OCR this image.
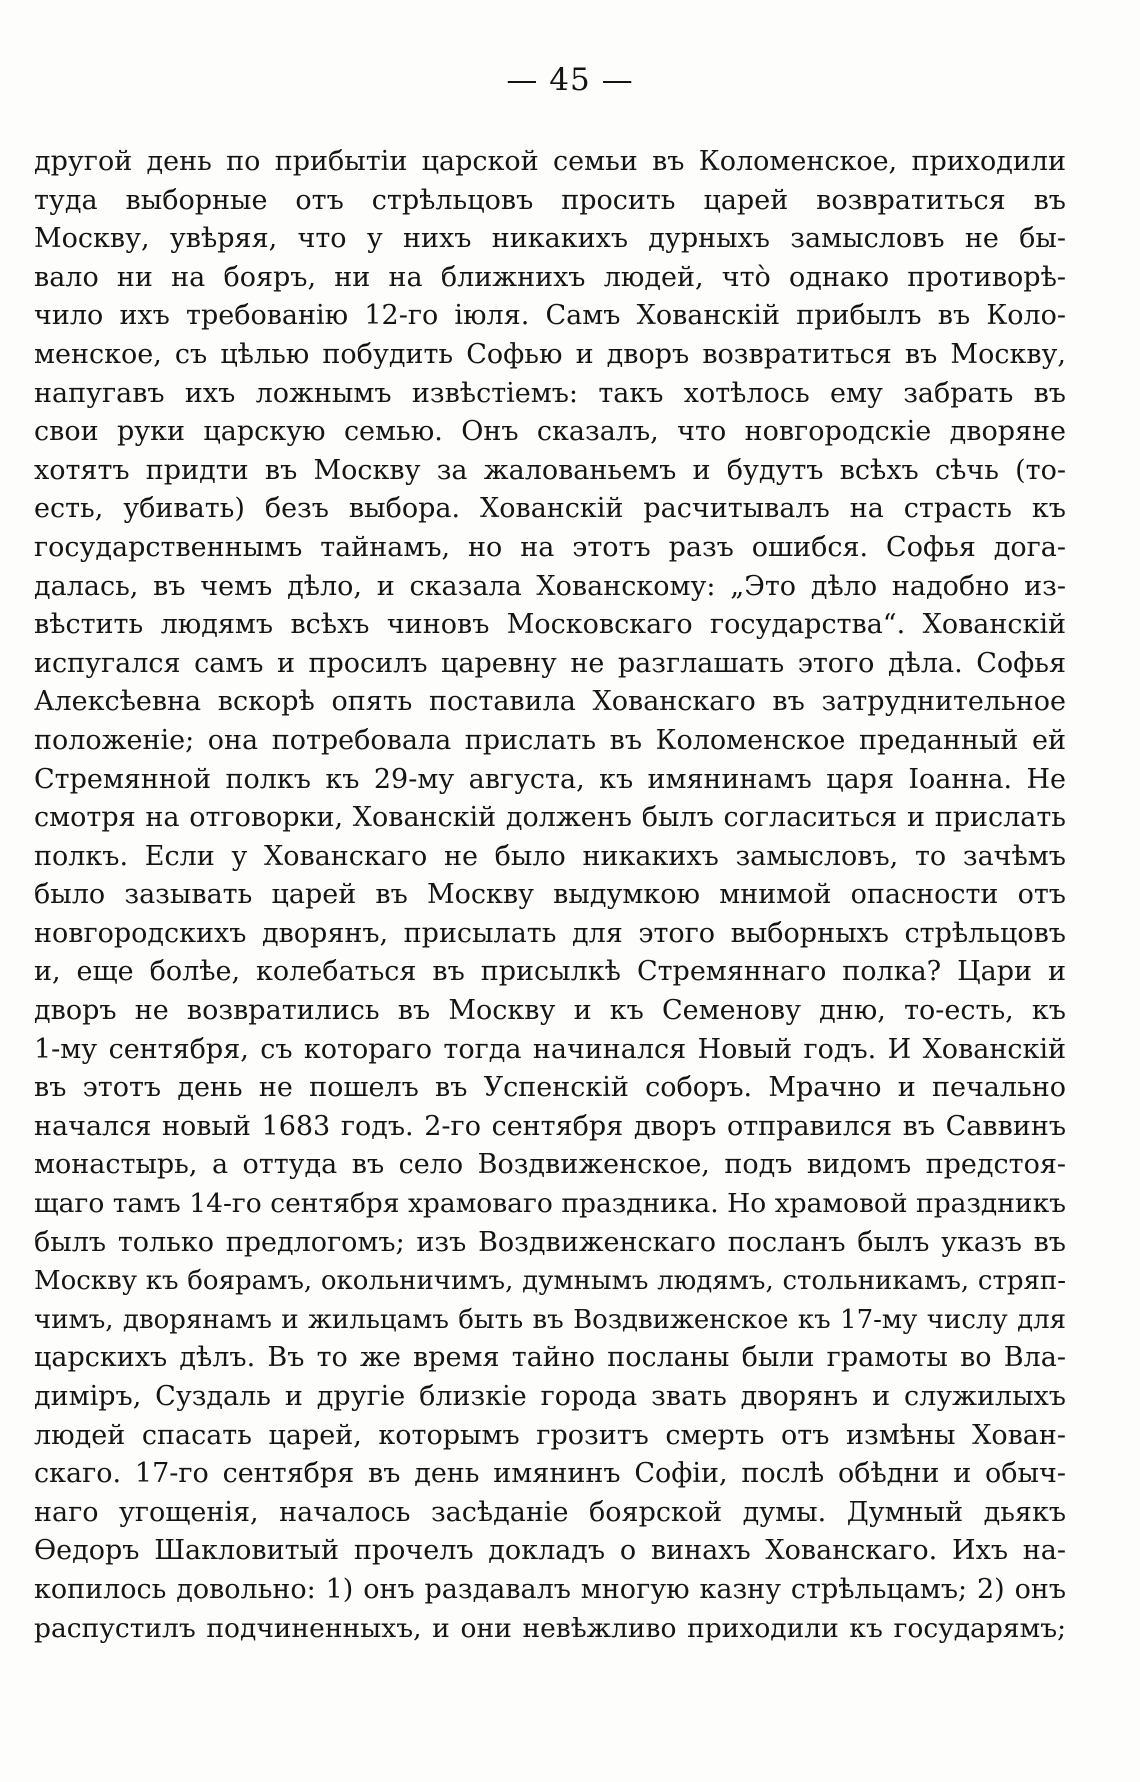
— 45 —
другой день по прибытіи царской семьи въ Коломенское, приходили
туда выборные отъ стрѣльцовъ просить царей возвратиться въ
Москву, увѣряя, что у нихъ никакихъ дурныхъ замысловъ не бы-
вало ни на бояръ, ни на ближнихъ людей, что̀ однако противорѣ-
чило ихъ требованію 12-го іюля. Самъ Хованскій прибылъ въ Коло-
менское, съ цѣлью побудить Софью и дворъ возвратиться въ Москву,
напугавъ ихъ ложнымъ извѣстіемъ: такъ хотѣлось ему забрать въ
свои руки царскую семью. Онъ сказалъ, что новгородскіе дворяне
хотятъ придти въ Москву за жалованьемъ и будутъ всѣхъ сѣчь (то-
есть, убивать) безъ выбора. Хованскій расчитывалъ на страсть къ
государственнымъ тайнамъ, но на этотъ разъ ошибся. Софья дога-
далась, въ чемъ дѣло, и сказала Хованскому: „Это дѣло надобно из-
вѣстить людямъ всѣхъ чиновъ Московскаго государства“. Хованскій
испугался самъ и просилъ царевну не разглашать этого дѣла. Софья
Алексѣевна вскорѣ опять поставила Хованскаго въ затруднительное
положеніе; она потребовала прислать въ Коломенское преданный ей
Стремянной полкъ къ 29-му августа, къ имянинамъ царя Іоанна. Не
смотря на отговорки, Хованскій долженъ былъ согласиться и прислать
полкъ. Если у Хованскаго не было никакихъ замысловъ, то зачѣмъ
было зазывать царей въ Москву выдумкою мнимой опасности отъ
новгородскихъ дворянъ, присылать для этого выборныхъ стрѣльцовъ
и, еще болѣе, колебаться въ присылкѣ Стремяннаго полка? Цари и
дворъ не возвратились въ Москву и къ Семенову дню, то-есть, къ
1-му сентября, съ котораго тогда начинался Новый годъ. И Хованскій
въ этотъ день не пошелъ въ Успенскій соборъ. Мрачно и печально
начался новый 1683 годъ. 2-го сентября дворъ отправился въ Саввинъ
монастырь, а оттуда въ село Воздвиженское, подъ видомъ предстоя-
щаго тамъ 14-го сентября храмоваго праздника. Но храмовой праздникъ
былъ только предлогомъ; изъ Воздвиженскаго посланъ былъ указъ въ
Москву къ боярамъ, окольничимъ, думнымъ людямъ, стольникамъ, стряп-
чимъ, дворянамъ и жильцамъ быть въ Воздвиженское къ 17-му числу для
царскихъ дѣлъ. Въ то же время тайно посланы были грамоты во Вла-
диміръ, Суздаль и другіе близкіе города звать дворянъ и служилыхъ
людей спасать царей, которымъ грозитъ смерть отъ измѣны Хован-
скаго. 17-го сентября въ день имянинъ Софіи, послѣ обѣдни и обыч-
наго угощенія, началось засѣданіе боярской думы. Думный дьякъ
Ѳедоръ Шакловитый прочелъ докладъ о винахъ Хованскаго. Ихъ на-
копилось довольно: 1) онъ раздавалъ многую казну стрѣльцамъ; 2) онъ
распустилъ подчиненныхъ, и они невѣжливо приходили къ государямъ;
